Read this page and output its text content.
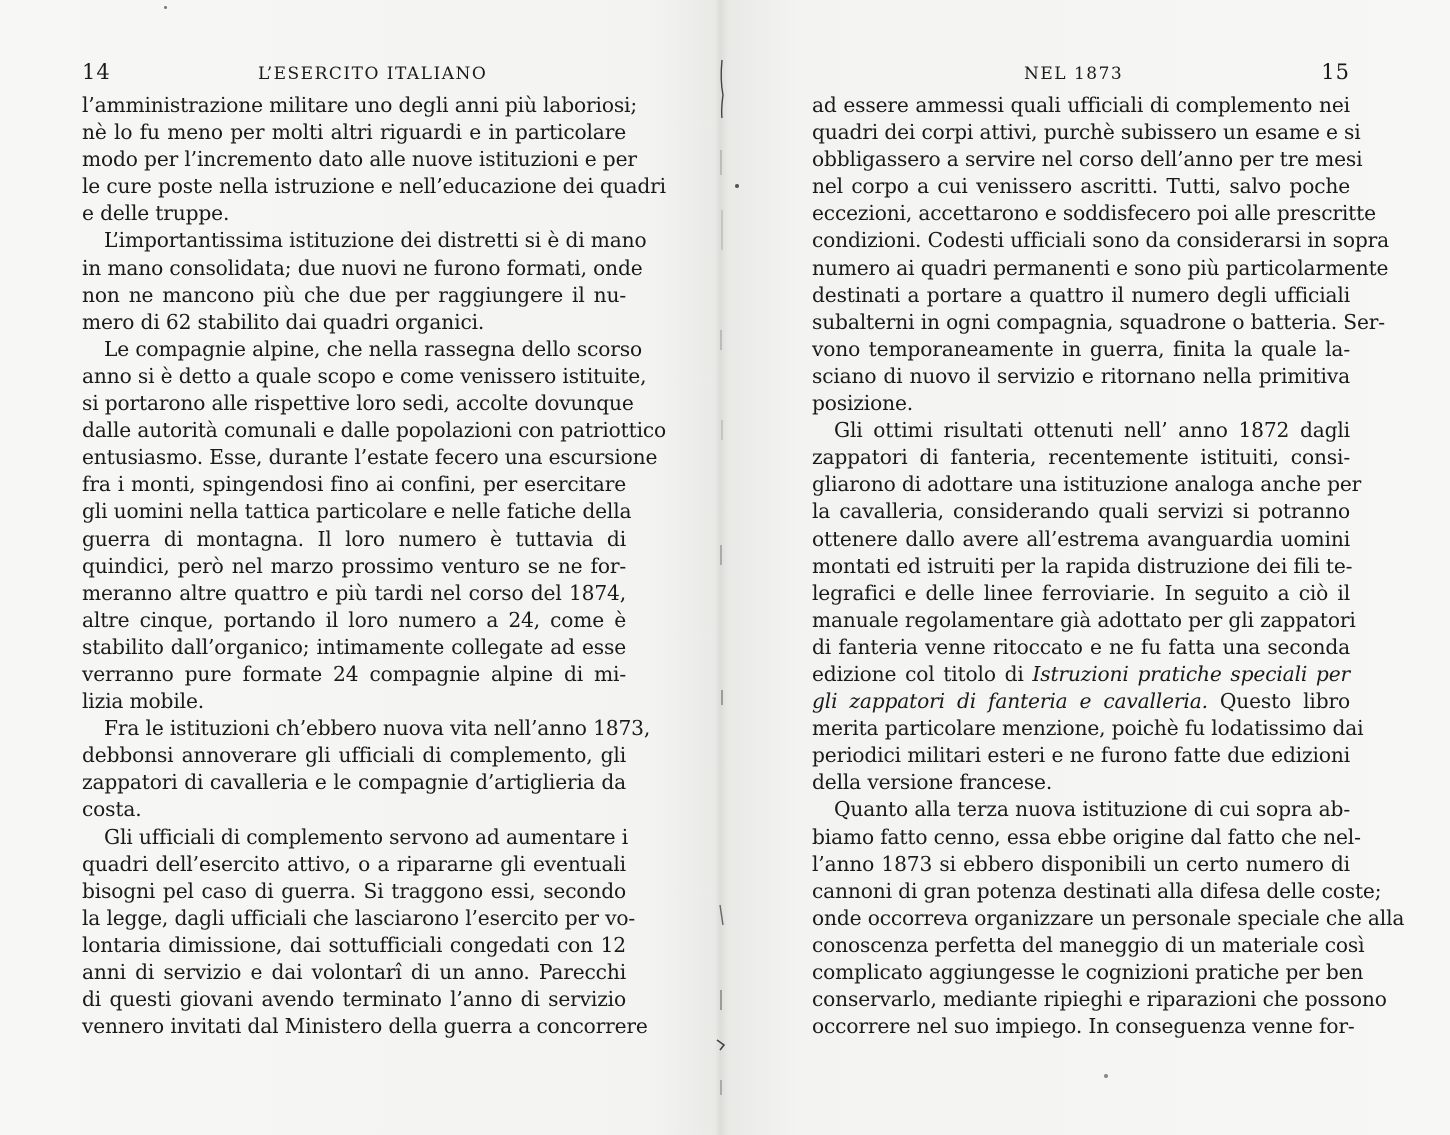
14	L’ESERCITO ITALIANO
l’amministrazione militare uno degli anni più laboriosi;
nè lo fu meno per molti altri riguardi e in particolare
modo per l’incremento dato alle nuove istituzioni e per
le cure poste nella istruzione e nell’educazione dei quadri
e delle truppe.
L’importantissima istituzione dei distretti si è di mano
in mano consolidata; due nuovi ne furono formati, onde
non ne mancono più che due per raggiungere il nu-
mero di 62 stabilito dai quadri organici.
Le compagnie alpine, che nella rassegna dello scorso
anno si è detto a quale scopo e come venissero istituite,
si portarono alle rispettive loro sedi, accolte dovunque
dalle autorità comunali e dalle popolazioni con patriottico
entusiasmo. Esse, durante l’estate fecero una escursione
fra i monti, spingendosi fino ai confini, per esercitare
gli uomini nella tattica particolare e nelle fatiche della
guerra di montagna. Il loro numero è tuttavia di
quindici, però nel marzo prossimo venturo se ne for-
meranno altre quattro e più tardi nel corso del 1874,
altre cinque, portando il loro numero a 24, come è
stabilito dall’organico; intimamente collegate ad esse
verranno pure formate 24 compagnie alpine di mi-
lizia mobile.
Fra le istituzioni ch’ebbero nuova vita nell’anno 1873,
debbonsi annoverare gli ufficiali di complemento, gli
zappatori di cavalleria e le compagnie d’artiglieria da
costa.
Gli ufficiali di complemento servono ad aumentare i
quadri dell’esercito attivo, o a ripararne gli eventuali
bisogni pel caso di guerra. Si traggono essi, secondo
la legge, dagli ufficiali che lasciarono l’esercito per vo-
lontaria dimissione, dai sottufficiali congedati con 12
anni di servizio e dai volontarî di un anno. Parecchi
di questi giovani avendo terminato l’anno di servizio
vennero invitati dal Ministero della guerra a concorrere
NEL 1873	15
ad essere ammessi quali ufficiali di complemento nei
quadri dei corpi attivi, purchè subissero un esame e si
obbligassero a servire nel corso dell’anno per tre mesi
nel corpo a cui venissero ascritti. Tutti, salvo poche
eccezioni, accettarono e soddisfecero poi alle prescritte
condizioni. Codesti ufficiali sono da considerarsi in sopra
numero ai quadri permanenti e sono più particolarmente
destinati a portare a quattro il numero degli ufficiali
subalterni in ogni compagnia, squadrone o batteria. Ser-
vono temporaneamente in guerra, finita la quale la-
sciano di nuovo il servizio e ritornano nella primitiva
posizione.
Gli ottimi risultati ottenuti nell’ anno 1872 dagli
zappatori di fanteria, recentemente istituiti, consi-
gliarono di adottare una istituzione analoga anche per
la cavalleria, considerando quali servizi si potranno
ottenere dallo avere all’estrema avanguardia uomini
montati ed istruiti per la rapida distruzione dei fili te-
legrafici e delle linee ferroviarie. In seguito a ciò il
manuale regolamentare già adottato per gli zappatori
di fanteria venne ritoccato e ne fu fatta una seconda
edizione col titolo di Istruzioni pratiche speciali per
gli zappatori di fanteria e cavalleria. Questo libro
merita particolare menzione, poichè fu lodatissimo dai
periodici militari esteri e ne furono fatte due edizioni
della versione francese.
Quanto alla terza nuova istituzione di cui sopra ab-
biamo fatto cenno, essa ebbe origine dal fatto che nel-
l’anno 1873 si ebbero disponibili un certo numero di
cannoni di gran potenza destinati alla difesa delle coste;
onde occorreva organizzare un personale speciale che alla
conoscenza perfetta del maneggio di un materiale così
complicato aggiungesse le cognizioni pratiche per ben
conservarlo, mediante ripieghi e riparazioni che possono
occorrere nel suo impiego. In conseguenza venne for-
